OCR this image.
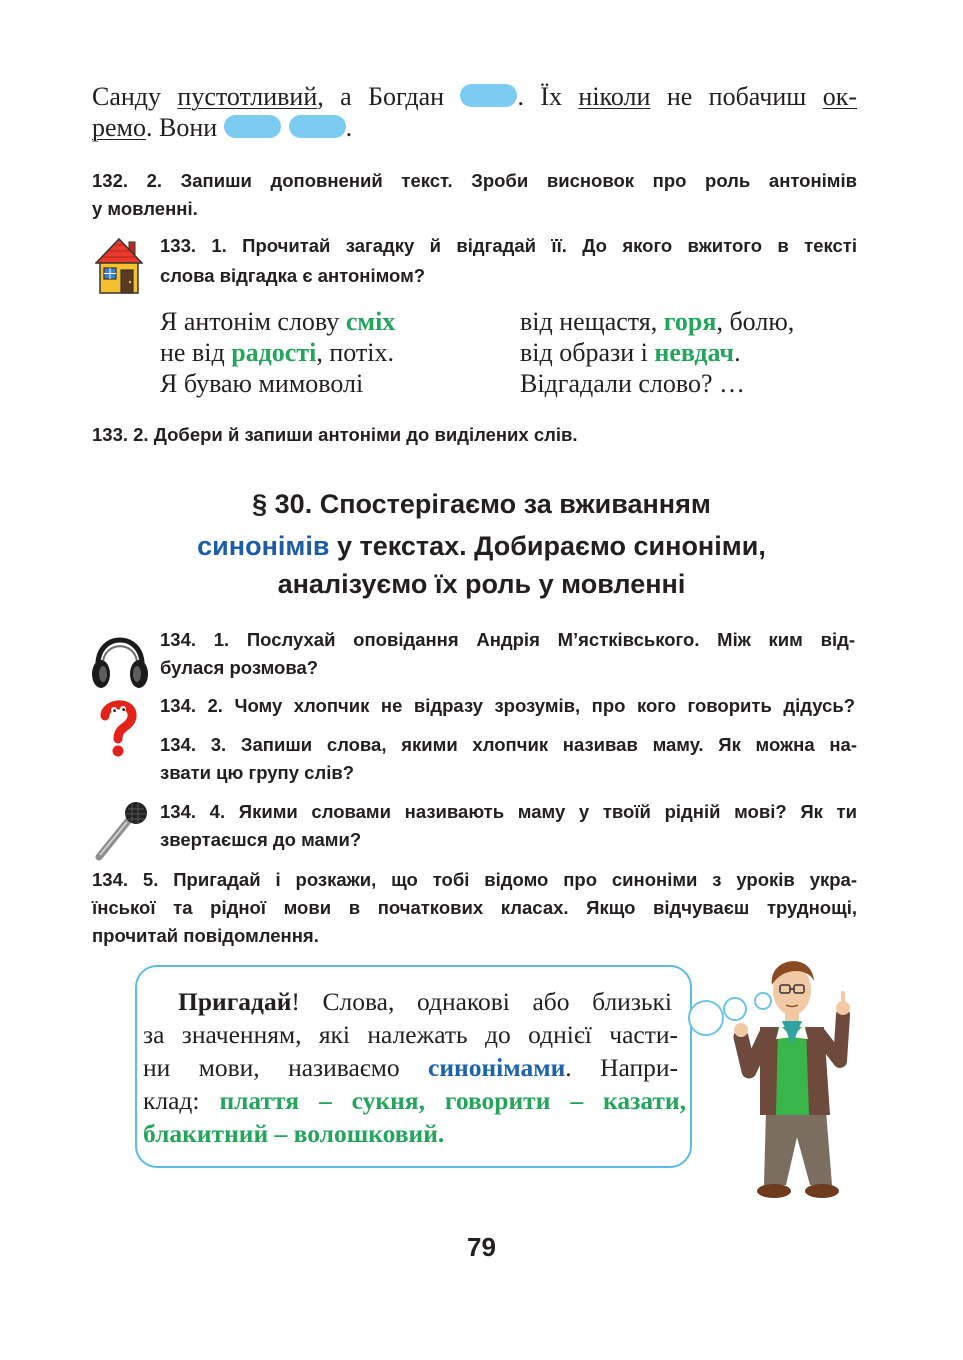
Санду пустотливий, а Богдан . Їх ніколи не побачиш ок-
ремо. Вони	.
132. 2. Запиши доповнений текст. Зроби висновок про роль антонімів
у мовленні.
133. 1. Прочитай загадку й відгадай її. До якого вжитого в тексті
слова відгадка є антонімом?
Я антонім слову сміх
не від радості, потіх.
Я буваю мимоволі
від нещастя, горя, болю,
від образи і невдач.
Відгадали слово? …
133. 2. Добери й запиши антоніми до виділених слів.
§ 30. Спостерігаємо за вживанням
синонімів у текстах. Добираємо синоніми,
аналізуємо їх роль у мовленні
134. 1. Послухай оповідання Андрія М’ястківського. Між ким від-
булася розмова?
134. 2. Чому хлопчик не відразу зрозумів, про кого говорить дідусь?
134. 3. Запиши слова, якими хлопчик називав маму. Як можна на-
звати цю групу слів?
134. 4. Якими словами називають маму у твоїй рідній мові? Як ти
звертаєшся до мами?
134. 5. Пригадай і розкажи, що тобі відомо про синоніми з уроків укра-
їнської та рідної мови в початкових класах. Якщо відчуваєш труднощі,
прочитай повідомлення.
Пригадай! Слова, однакові або близькі
за значенням, які належать до однієї части-
ни мови, називаємо синонімами. Напри-
клад: плаття – сукня, говорити – казати,
блакитний – волошковий.
79
